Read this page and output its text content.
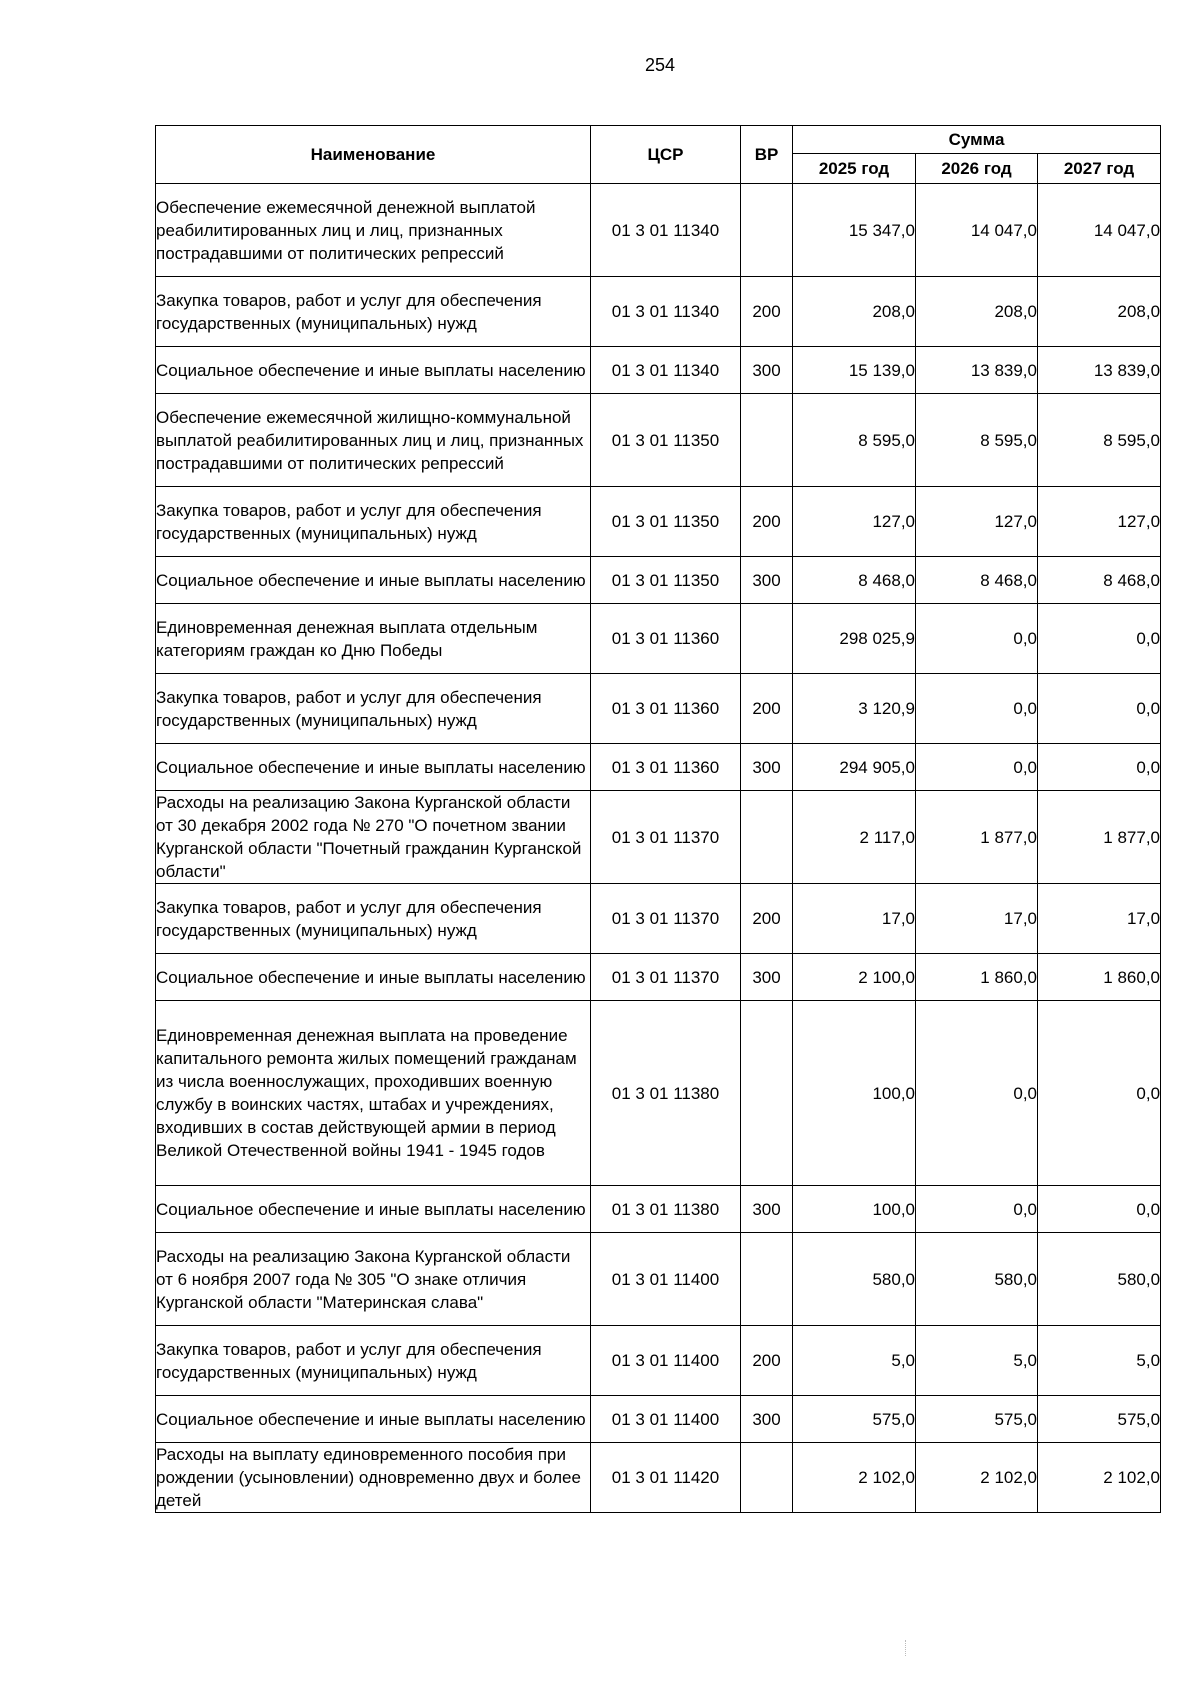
254
Наименование	ЦСР	ВР	Сумма		
			2025 год	2026 год	2027 год
Обеспечение ежемесячной денежной выплатой реабилитированных лиц и лиц, признанных пострадавшими от политических репрессий	01 3 01 11340		15 347,0	14 047,0	14 047,0
Закупка товаров, работ и услуг для обеспечения государственных (муниципальных) нужд	01 3 01 11340	200	208,0	208,0	208,0
Социальное обеспечение и иные выплаты населению	01 3 01 11340	300	15 139,0	13 839,0	13 839,0
Обеспечение ежемесячной жилищно-коммунальной выплатой реабилитированных лиц и лиц, признанных пострадавшими от политических репрессий	01 3 01 11350		8 595,0	8 595,0	8 595,0
Закупка товаров, работ и услуг для обеспечения государственных (муниципальных) нужд	01 3 01 11350	200	127,0	127,0	127,0
Социальное обеспечение и иные выплаты населению	01 3 01 11350	300	8 468,0	8 468,0	8 468,0
Единовременная денежная выплата отдельным категориям граждан ко Дню Победы	01 3 01 11360		298 025,9	0,0	0,0
Закупка товаров, работ и услуг для обеспечения государственных (муниципальных) нужд	01 3 01 11360	200	3 120,9	0,0	0,0
Социальное обеспечение и иные выплаты населению	01 3 01 11360	300	294 905,0	0,0	0,0
Расходы на реализацию Закона Курганской области от 30 декабря 2002 года № 270 "О почетном звании Курганской области "Почетный гражданин Курганской области"	01 3 01 11370		2 117,0	1 877,0	1 877,0
Закупка товаров, работ и услуг для обеспечения государственных (муниципальных) нужд	01 3 01 11370	200	17,0	17,0	17,0
Социальное обеспечение и иные выплаты населению	01 3 01 11370	300	2 100,0	1 860,0	1 860,0
Единовременная денежная выплата на проведение капитального ремонта жилых помещений гражданам из числа военнослужащих, проходивших военную службу в воинских частях, штабах и учреждениях, входивших в состав действующей армии в период Великой Отечественной войны 1941 - 1945 годов	01 3 01 11380		100,0	0,0	0,0
Социальное обеспечение и иные выплаты населению	01 3 01 11380	300	100,0	0,0	0,0
Расходы на реализацию Закона Курганской области от 6 ноября 2007 года № 305 "О знаке отличия Курганской области "Материнская слава"	01 3 01 11400		580,0	580,0	580,0
Закупка товаров, работ и услуг для обеспечения государственных (муниципальных) нужд	01 3 01 11400	200	5,0	5,0	5,0
Социальное обеспечение и иные выплаты населению	01 3 01 11400	300	575,0	575,0	575,0
Расходы на выплату единовременного пособия при рождении (усыновлении) одновременно двух и более детей	01 3 01 11420		2 102,0	2 102,0	2 102,0
